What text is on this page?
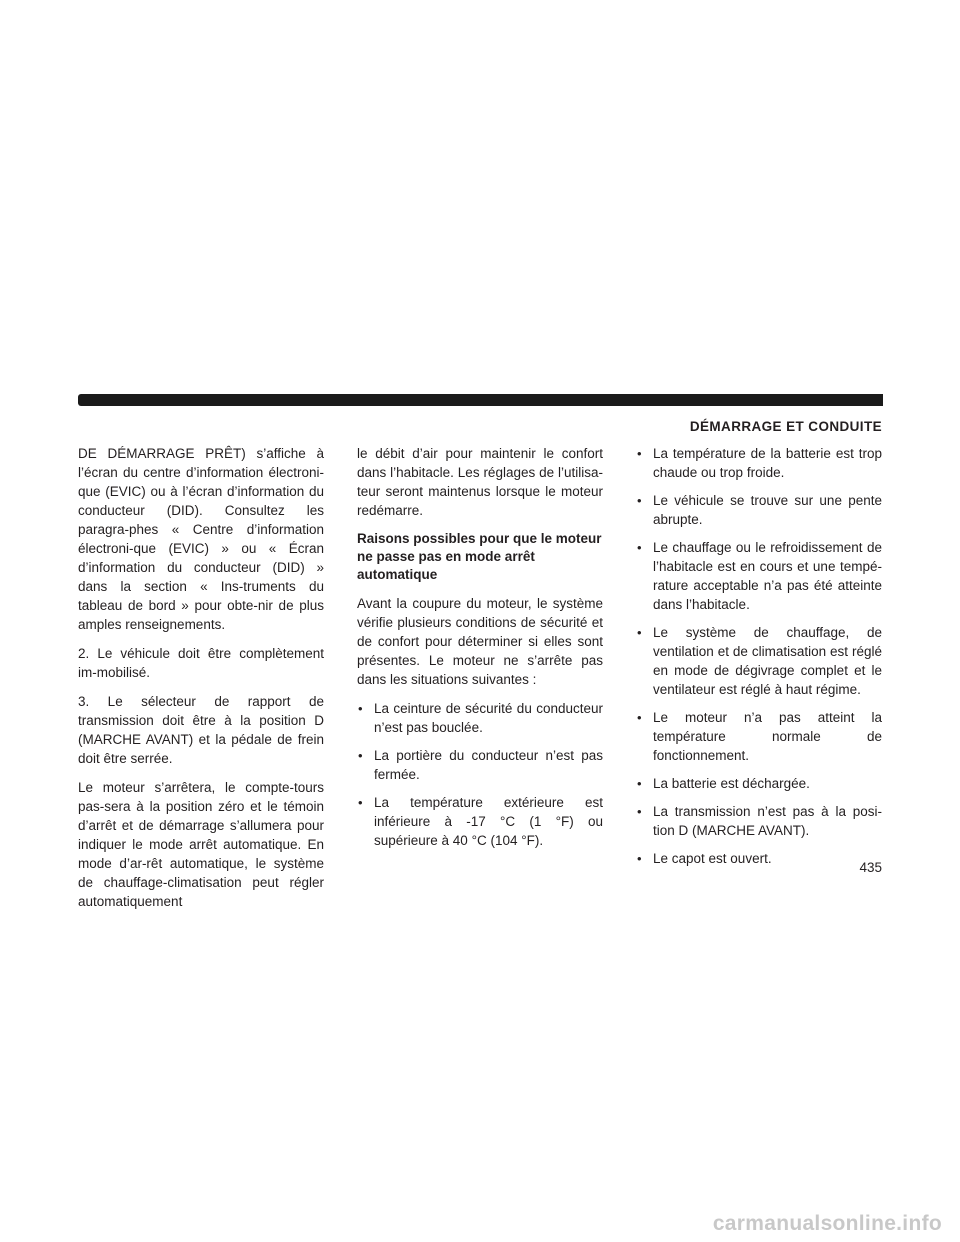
DÉMARRAGE ET CONDUITE

DE DÉMARRAGE PRÊT) s’affiche à l’écran du centre d’information électroni-que (EVIC) ou à l’écran d’information du conducteur (DID). Consultez les paragra-phes « Centre d’information électroni-que (EVIC) » ou « Écran d’information du conducteur (DID) » dans la section « Ins-truments du tableau de bord » pour obte-nir de plus amples renseignements.

2. Le véhicule doit être complètement im-mobilisé.

3. Le sélecteur de rapport de transmission doit être à la position D (MARCHE AVANT) et la pédale de frein doit être serrée.

Le moteur s’arrêtera, le compte-tours pas-sera à la position zéro et le témoin d’arrêt et de démarrage s’allumera pour indiquer le mode arrêt automatique. En mode d’ar-rêt automatique, le système de chauffage-climatisation peut régler automatiquement

le débit d’air pour maintenir le confort dans l’habitacle. Les réglages de l’utilisa-teur seront maintenus lorsque le moteur redémarre.

Raisons possibles pour que le moteur ne passe pas en mode arrêt automatique

Avant la coupure du moteur, le système vérifie plusieurs conditions de sécurité et de confort pour déterminer si elles sont présentes. Le moteur ne s’arrête pas dans les situations suivantes :

• La ceinture de sécurité du conducteur n’est pas bouclée.
• La portière du conducteur n’est pas fermée.
• La température extérieure est inférieure à -17 °C (1 °F) ou supérieure à 40 °C (104 °F).
• La température de la batterie est trop chaude ou trop froide.
• Le véhicule se trouve sur une pente abrupte.
• Le chauffage ou le refroidissement de l’habitacle est en cours et une tempé-rature acceptable n’a pas été atteinte dans l’habitacle.
• Le système de chauffage, de ventilation et de climatisation est réglé en mode de dégivrage complet et le ventilateur est réglé à haut régime.
• Le moteur n’a pas atteint la température normale de fonctionnement.
• La batterie est déchargée.
• La transmission n’est pas à la posi-tion D (MARCHE AVANT).
• Le capot est ouvert.
435
carmanualsonline.info
